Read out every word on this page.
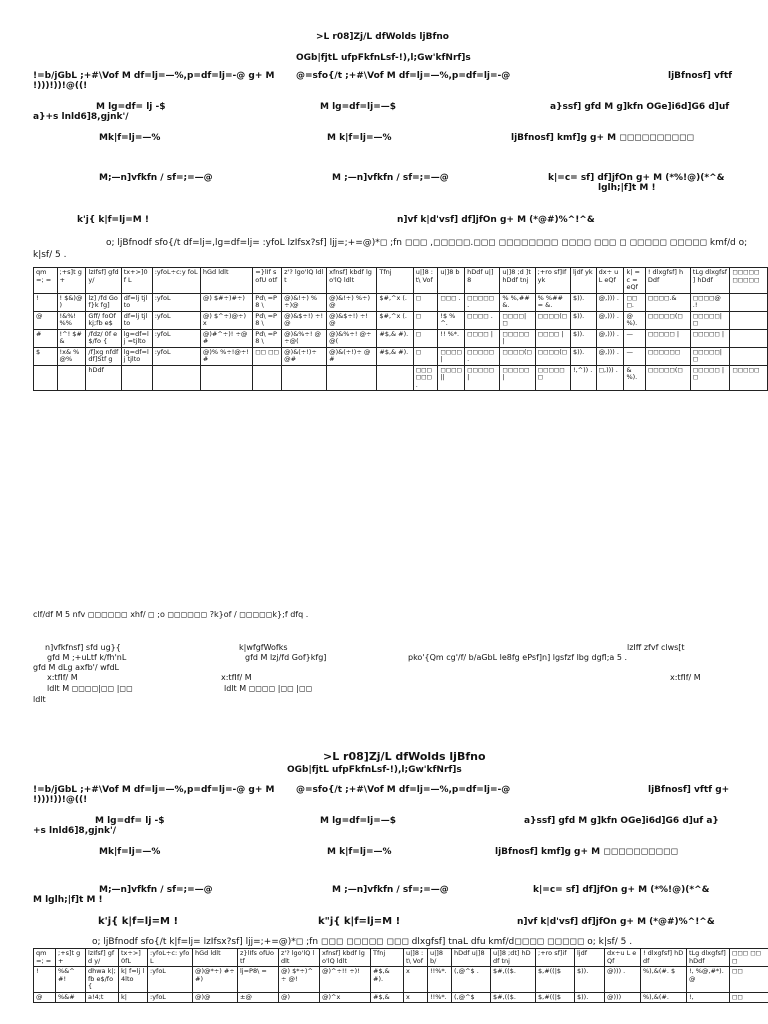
>L r08]Zj/L dfWolds ljBfno
OGb|fjtL ufpFkfnLsf-!),l;Gw'kfNrf]s
!=b/jGbL ;+#\Vof M df=lj=—%,p=df=lj=-@ g+ M !)))!))!@((!
@=sfo{/t ;+#\Vof M df=lj=—%,p=df=lj=-@	ljBfnosf] vftf
M lg=df= lj -$
a}+s lnld6]8,gjnk'/
M lg=df=lj=—$	a}ssf] gfd M g]kfn OGe]i6d]G6 d]uf
Mk|f=lj=—%	M k|f=lj=—%	ljBfnosf] kmf]g g+ M ◻◻◻◻◻◻◻◻◻◻
M;—n]vfkfn / sf=;=—@	M ;—n]vfkfn / sf=;=—@	k|=c= sf] df]jfOn g+ M (*%!@)(*^&
lglh;|f]t M !
k'j{ k|f=lj=M !	n]vf k|d'vsf] df]jfOn g+ M (*@#)%^!^&
o; ljBfnodf sfo{/t df=lj=,lg=df=lj= :yfoL lzIfsx?sf] ljj=;+=@)*◻ ;fn ◻◻◻ ,◻◻◻◻◻.◻◻◻ ◻◻◻◻◻◻◻◻ ◻◻◻◻ ◻◻◻ ◻ ◻◻◻◻◻ ◻◻◻◻◻ kmf/d o; k|sf/ 5 .
qm =; =	;+s]t g+	lzIfsf] gfd y/	tx+>]0f L	:yfoL÷c:y foL	hGd ldlt	=}lIf s ofU otf	z'? lgo'lQ ldlt	xfnsf] kbdf lgo'lQ ldlt	Tfnj	u|]8 :t\ Vof	u|]8 b	hDdf u|]8	u|]8 ;d ]t hDdf tnj	;+ro sf]If yk	ljdf yk	dx÷ uL eQf	k| =c = eQf	! dlxgfsf] hDdf	tLg dlxgfsf ] hDdf	◻◻◻◻◻ ◻◻◻◻◻
!	! $&)@ )	lz] /fd Gof}k fg]	df=lj tjlto	:yfoL	@) $#÷)#÷)	Pd\ =P8 \	@)&!÷) %÷)@	@)&!÷) %÷)@	$#,^x (.	◻	◻◻◻ .	◻◻◻◻◻ .	% %,## &.	% %##= &.	$)).	@,))) .	◻◻ ◻.	◻◻◻◻.&	◻◻◻◻@ .!	
@	!&%! %%	Gff/ foOf kj;fb e$	df=lj tjlto	:yfoL	@) $^÷)@÷) x	Pd\ =P8 \	@)&$÷!) ÷!@	@)&$÷!) ÷!@	$#,^x (.	◻	!$ %^.	◻◻◻◻ .	◻◻◻◻| ◻	◻◻◻◻(◻	$)).	@,))) .	@ %).	◻◻◻◻◻(◻	◻◻◻◻◻| ◻	
#	!^! $#&	/fdz/ 0f e$/fo {	lg=df=lj =tjlto	:yfoL	@)#^÷)! ÷@#	Pd\ =P8 \	@)&%÷! @÷@(	@)&%÷! @÷@(	#$,& #).	◻	!! %*.	◻◻◻◻ |	◻◻◻◻◻ |	◻◻◻◻ |	$)).	@,))) .	—	◻◻◻◻◻ |	◻◻◻◻◻ |	
$	!x& %@%	/f]xg nfdf df]Stf g	lg=df=lj tjlto	:yfoL	@)% %÷!@÷!#	◻◻ ◻◻	@)&(÷!)÷ @#	@)&(÷!)÷ @#	#$,& #).	◻	◻◻◻◻ |	◻◻◻◻◻ .	◻◻◻◻(◻	◻◻◻◻(◻	$)).	@,))) .	—	◻◻◻◻◻◻	◻◻◻◻◻| ◻	
		hDdf								◻◻◻◻◻◻ .	◻◻◻◻ ||	◻◻◻◻◻ |	◻◻◻◻◻ |	◻◻◻◻◻ ◻	!,^)) .	◻,))) .	& %).	◻◻◻◻◻(◻	◻◻◻◻◻ |◻	◻◻◻◻◻
clf/df M 5 nfv ◻◻◻◻◻◻ xhf/ ◻ ;o ◻◻◻◻◻◻ ?k}of / ◻◻◻◻◻k};f dfq .
n]vfkfnsf] sfd ug}{
gfd M ;+uLtf k/fh'nL
gfd M dLg axfb'/ wfdL
x:tfIf/ M
ldlt M ◻◻◻◻|◻◻ |◻◻
ldlt
k|wfgfWofks
gfd M lzj/fd Gof}kfg]
x:tfIf/ M
ldlt M ◻◻◻◻ |◻◻ |◻◻
lzIff zfvf clws[t
pko'{Qm cg'/f/ b/aGbL le8fg ePsf]n] lgsfzf lbg dgfl;a 5 .
x:tfIf/ M
>L r08]Zj/L dfWolds ljBfno
OGb|fjtL ufpFkfnLsf-!),l;Gw'kfNrf]s
!=b/jGbL ;+#\Vof M df=lj=—%,p=df=lj=-@ g+ M !)))!))!@((!
@=sfo{/t ;+#\Vof M df=lj=—%,p=df=lj=-@	ljBfnosf] vftf g+
M lg=df= lj -$
+s lnld6]8,gjnk'/
M lg=df=lj=—$	a}ssf] gfd M g]kfn OGe]i6d]G6 d]uf a}
Mk|f=lj=—%	M k|f=lj=—%	ljBfnosf] kmf]g g+ M ◻◻◻◻◻◻◻◻◻◻
M;—n]vfkfn / sf=;=—@
M lglh;|f]t M !
M ;—n]vfkfn / sf=;=—@	k|=c= sf] df]jfOn g+ M (*%!@)(*^&
k'j{ k|f=lj=M !	k"j{ k|f=lj=M !	n]vf k|d'vsf] df]jfOn g+ M (*@#)%^!^&
o; ljBfnodf sfo{/t k|f=lj= lzIfsx?sf] ljj=;+=@)*◻ ;fn ◻◻◻ ◻◻◻◻◻ ◻◻◻ dlxgfsf] tnaL dfu kmf/d◻◻◻◻ ◻◻◻◻◻ o; k|sf/ 5 .
qm =; =	;+s]t g+	lzIfsf] gfd y/	tx÷>] 0fL	:yfoL÷c: yfoL	hGd ldlt	z}lIfs ofUotf	z'? lgo'lQ ldlt	xfnsf] kbdf lgo'lQ ldlt	Tfnj	u|]8 :t\ Vof	u|]8 b/	hDdf u|]8	u|]8 ;dt] hDdf tnj	;+ro sf]if	ljdf	dx÷u L eQf	! dlxgfsf] hDdf	tLg dlxgfsf] hDdf	◻◻◻ ◻◻◻
!	%&^ #!	dhwa k|;fb e$/fo {	k| f=lj l4lto	:yfoL	@)@*÷) #÷#)	lj=P8\ =	@) $*÷)^÷ @!	@)^÷!! ÷)!	#$,& #).	x	!!%*.	(,@^$ .	$#,(($.	$,#((|$	$)).	@))) .	%),&(#. $	!, %@,#*). @	◻◻
@	%&#	a!4;t	k|	:yfoL	@)@	±@	@)	@)^x	#$,&	x	!!%*.	(,@^$	$#,(($.	$,#((|$	$)).	@)))	%),&(#.	!,	◻◻
